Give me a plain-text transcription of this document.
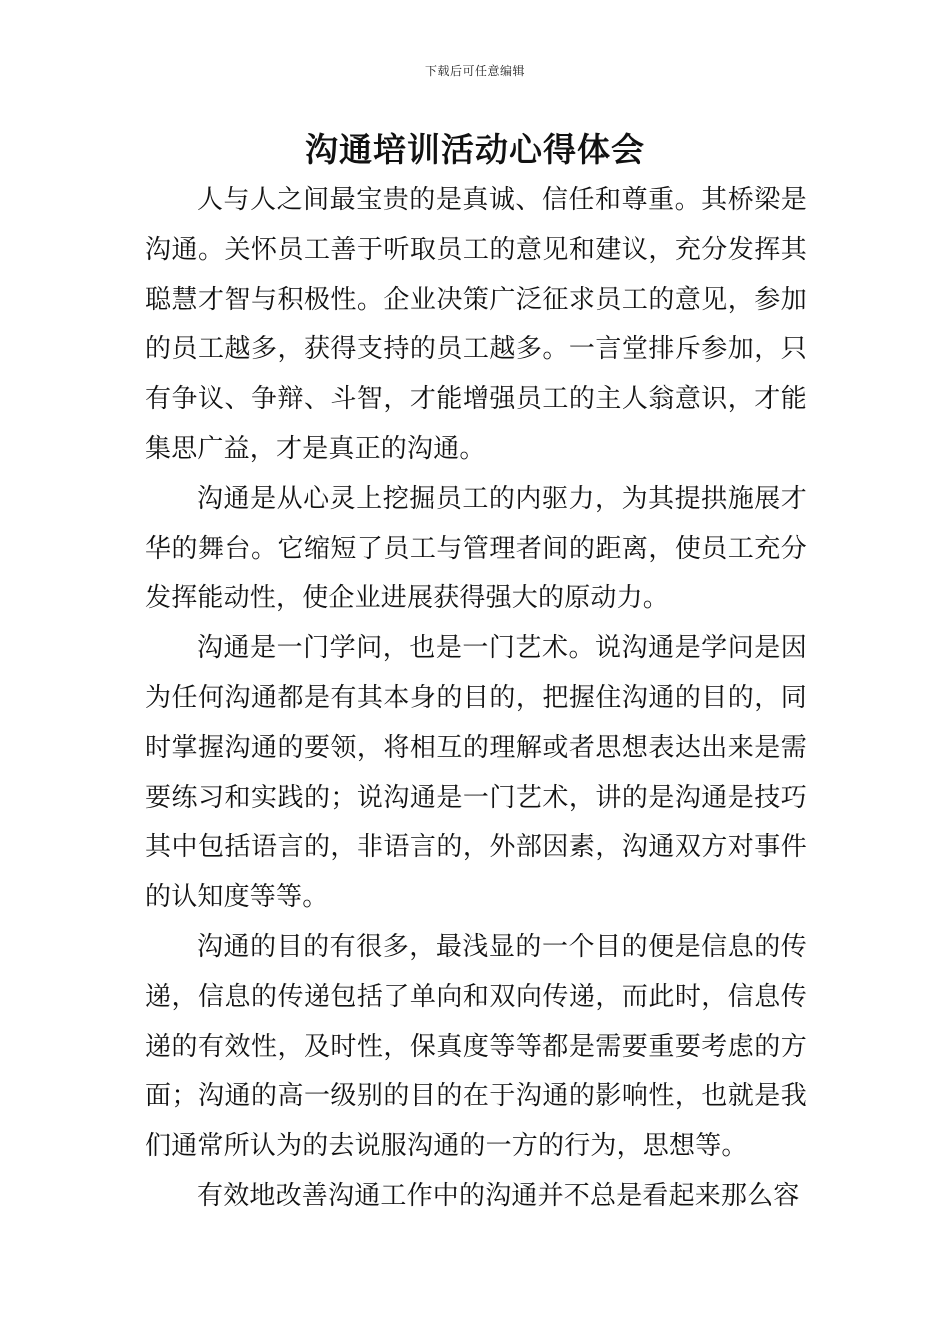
下载后可任意编辑
沟通培训活动心得体会

人与人之间最宝贵的是真诚、信任和尊重。其桥梁是沟通。关怀员工善于听取员工的意见和建议，充分发挥其聪慧才智与积极性。企业决策广泛征求员工的意见，参加的员工越多，获得支持的员工越多。一言堂排斥参加，只有争议、争辩、斗智，才能增强员工的主人翁意识，才能集思广益，才是真正的沟通。

沟通是从心灵上挖掘员工的内驱力，为其提拱施展才华的舞台。它缩短了员工与管理者间的距离，使员工充分发挥能动性，使企业进展获得强大的原动力。

沟通是一门学问，也是一门艺术。说沟通是学问是因为任何沟通都是有其本身的目的，把握住沟通的目的，同时掌握沟通的要领，将相互的理解或者思想表达出来是需要练习和实践的；说沟通是一门艺术，讲的是沟通是技巧其中包括语言的，非语言的，外部因素，沟通双方对事件的认知度等等。

沟通的目的有很多，最浅显的一个目的便是信息的传递，信息的传递包括了单向和双向传递，而此时，信息传递的有效性，及时性，保真度等等都是需要重要考虑的方面；沟通的高一级别的目的在于沟通的影响性，也就是我们通常所认为的去说服沟通的一方的行为，思想等。

有效地改善沟通工作中的沟通并不总是看起来那么容
